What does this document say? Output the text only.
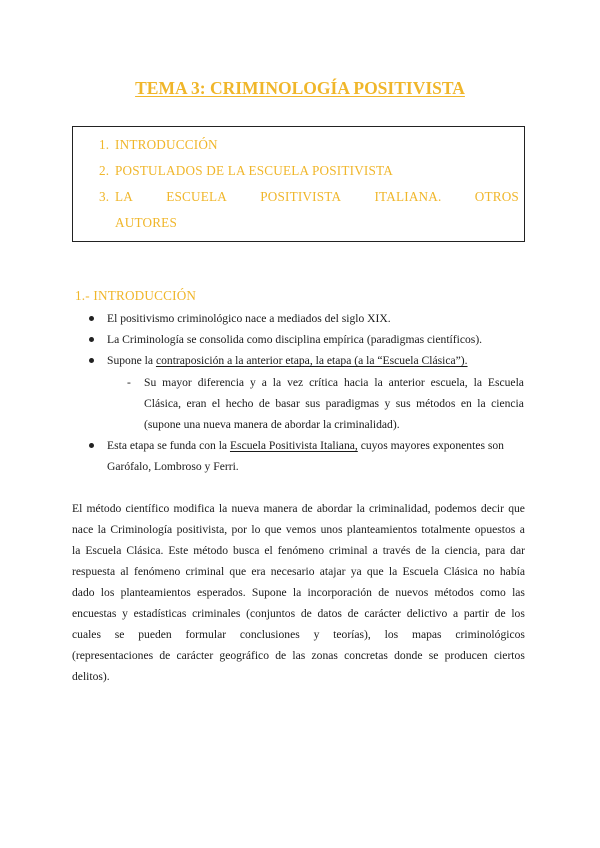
TEMA 3: CRIMINOLOGÍA POSITIVISTA
1. INTRODUCCIÓN
2. POSTULADOS DE LA ESCUELA POSITIVISTA
3. LA	ESCUELA	POSITIVISTA	ITALIANA.	OTROS
AUTORES
1.- INTRODUCCIÓN
El positivismo criminológico nace a mediados del siglo XIX.
La Criminología se consolida como disciplina empírica (paradigmas científicos).
Supone la contraposición a la anterior etapa, la etapa (a la “Escuela Clásica”).
- Su mayor diferencia y a la vez crítica hacia la anterior escuela, la Escuela
Clásica, eran el hecho de basar sus paradigmas y sus métodos en la ciencia
(supone una nueva manera de abordar la criminalidad).
Esta etapa se funda con la Escuela Positivista Italiana, cuyos mayores exponentes son
Garófalo, Lombroso y Ferri.
El método científico modifica la nueva manera de abordar la criminalidad, podemos decir que
nace la Criminología positivista, por lo que vemos unos planteamientos totalmente opuestos a
la Escuela Clásica. Este método busca el fenómeno criminal a través de la ciencia, para dar
respuesta al fenómeno criminal que era necesario atajar ya que la Escuela Clásica no había
dado los planteamientos esperados. Supone la incorporación de nuevos métodos como las
encuestas y estadísticas criminales (conjuntos de datos de carácter delictivo a partir de los
cuales se pueden formular conclusiones y teorías), los mapas criminológicos
(representaciones de carácter geográfico de las zonas concretas donde se producen ciertos
delitos).
